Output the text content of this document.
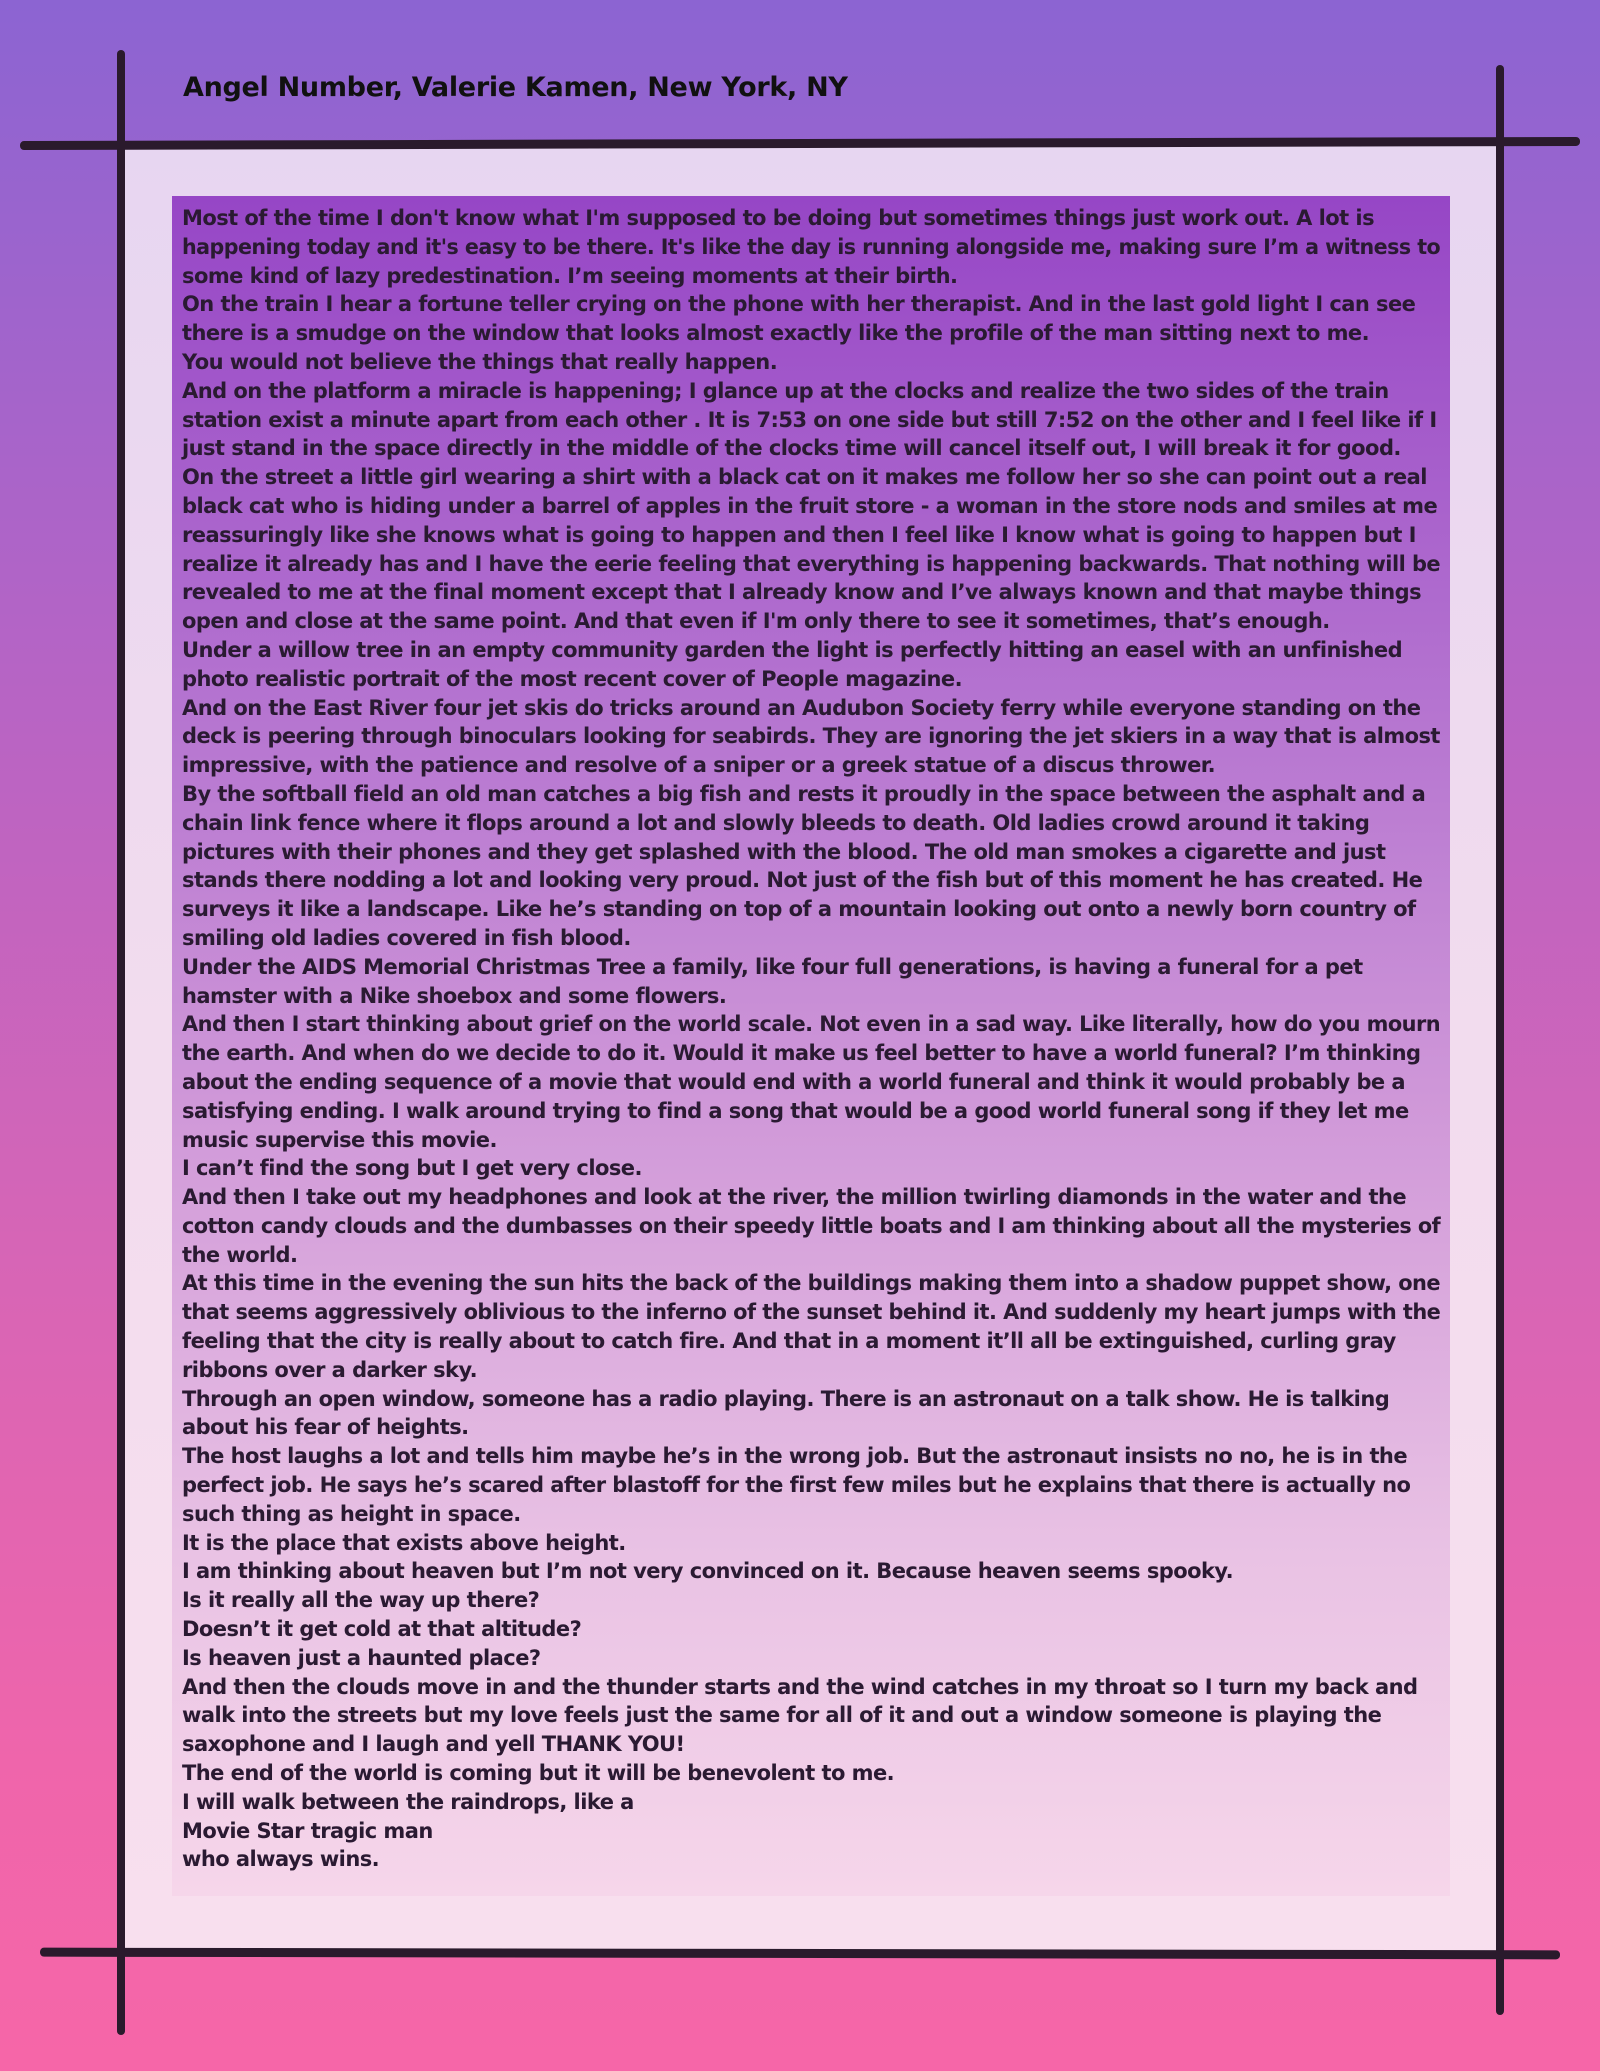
Angel Number, Valerie Kamen, New York, NY

Most of the time I don't know what I'm supposed to be doing but sometimes things just work out. A lot is

happening today and it's easy to be there. It's like the day is running alongside me, making sure I’m a witness to

some kind of lazy predestination. I’m seeing moments at their birth.

On the train I hear a fortune teller crying on the phone with her therapist. And in the last gold light I can see

there is a smudge on the window that looks almost exactly like the profile of the man sitting next to me.

You would not believe the things that really happen.

And on the platform a miracle is happening; I glance up at the clocks and realize the two sides of the train

station exist a minute apart from each other . It is 7:53 on one side but still 7:52 on the other and I feel like if I

just stand in the space directly in the middle of the clocks time will cancel itself out, I will break it for good.

On the street a little girl wearing a shirt with a black cat on it makes me follow her so she can point out a real

black cat who is hiding under a barrel of apples in the fruit store - a woman in the store nods and smiles at me

reassuringly like she knows what is going to happen and then I feel like I know what is going to happen but I

realize it already has and I have the eerie feeling that everything is happening backwards. That nothing will be

revealed to me at the final moment except that I already know and I’ve always known and that maybe things

open and close at the same point. And that even if I'm only there to see it sometimes, that’s enough.

Under a willow tree in an empty community garden the light is perfectly hitting an easel with an unfinished

photo realistic portrait of the most recent cover of People magazine.

And on the East River four jet skis do tricks around an Audubon Society ferry while everyone standing on the

deck is peering through binoculars looking for seabirds. They are ignoring the jet skiers in a way that is almost

impressive, with the patience and resolve of a sniper or a greek statue of a discus thrower.

By the softball field an old man catches a big fish and rests it proudly in the space between the asphalt and a

chain link fence where it flops around a lot and slowly bleeds to death. Old ladies crowd around it taking

pictures with their phones and they get splashed with the blood. The old man smokes a cigarette and just

stands there nodding a lot and looking very proud. Not just of the fish but of this moment he has created. He

surveys it like a landscape. Like he’s standing on top of a mountain looking out onto a newly born country of

smiling old ladies covered in fish blood.

Under the AIDS Memorial Christmas Tree a family, like four full generations, is having a funeral for a pet

hamster with a Nike shoebox and some flowers.

And then I start thinking about grief on the world scale. Not even in a sad way. Like literally, how do you mourn

the earth. And when do we decide to do it. Would it make us feel better to have a world funeral? I’m thinking

about the ending sequence of a movie that would end with a world funeral and think it would probably be a

satisfying ending. I walk around trying to find a song that would be a good world funeral song if they let me

music supervise this movie.

I can’t find the song but I get very close.

And then I take out my headphones and look at the river, the million twirling diamonds in the water and the

cotton candy clouds and the dumbasses on their speedy little boats and I am thinking about all the mysteries of

the world.

At this time in the evening the sun hits the back of the buildings making them into a shadow puppet show, one

that seems aggressively oblivious to the inferno of the sunset behind it. And suddenly my heart jumps with the

feeling that the city is really about to catch fire. And that in a moment it’ll all be extinguished, curling gray

ribbons over a darker sky.

Through an open window, someone has a radio playing. There is an astronaut on a talk show. He is talking

about his fear of heights.

The host laughs a lot and tells him maybe he’s in the wrong job. But the astronaut insists no no, he is in the

perfect job. He says he’s scared after blastoff for the first few miles but he explains that there is actually no

such thing as height in space.

It is the place that exists above height.

I am thinking about heaven but I’m not very convinced on it. Because heaven seems spooky.

Is it really all the way up there?

Doesn’t it get cold at that altitude?

Is heaven just a haunted place?

And then the clouds move in and the thunder starts and the wind catches in my throat so I turn my back and

walk into the streets but my love feels just the same for all of it and out a window someone is playing the

saxophone and I laugh and yell THANK YOU!

The end of the world is coming but it will be benevolent to me.

I will walk between the raindrops, like a

Movie Star tragic man

who always wins.
